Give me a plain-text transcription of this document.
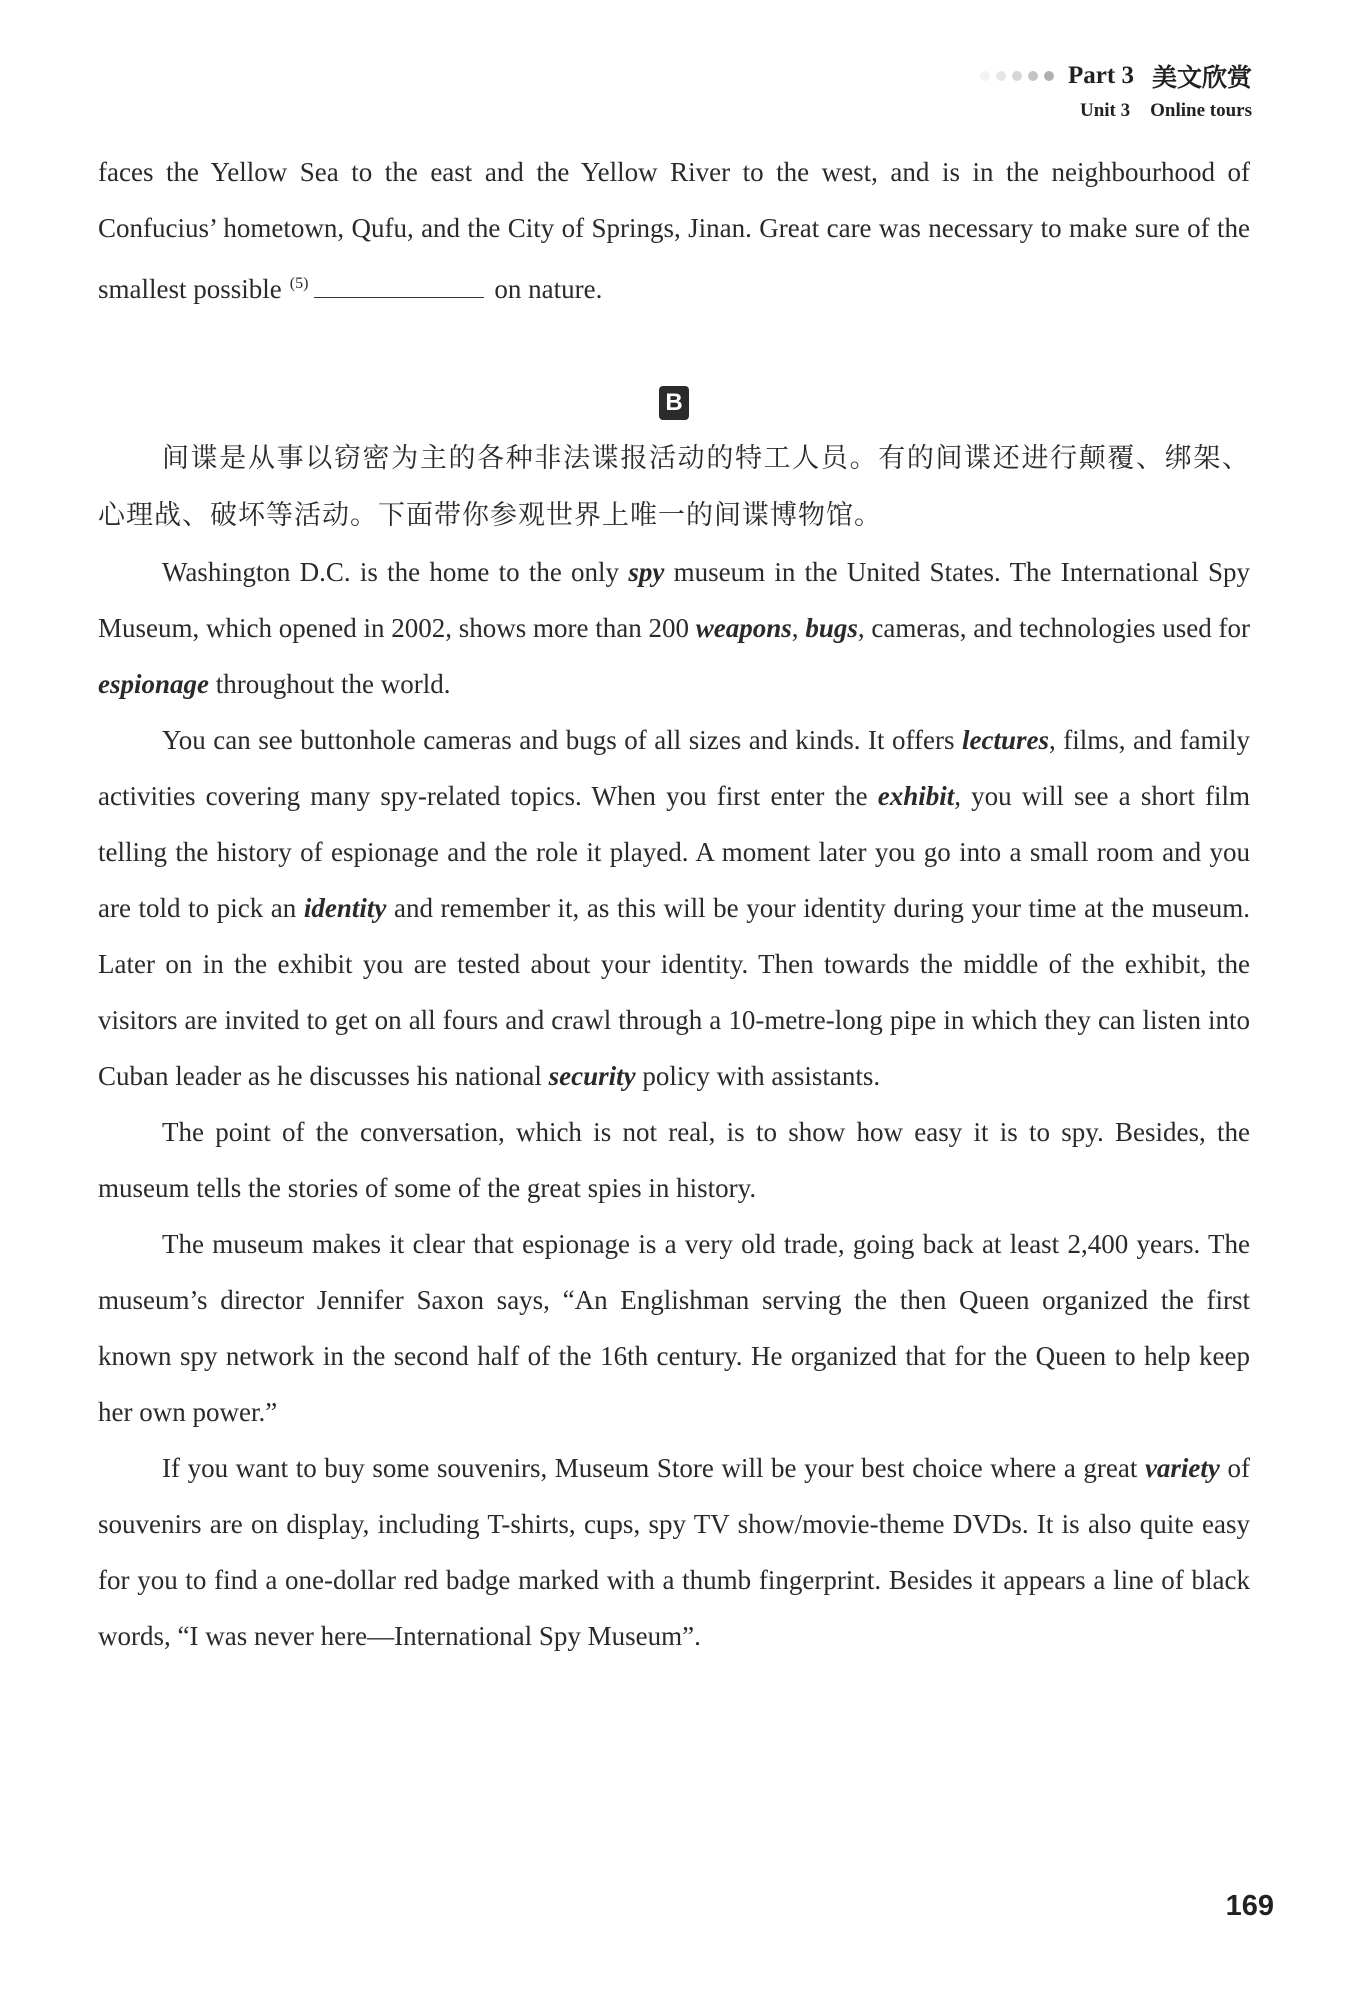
Part 3 美文欣赏
Unit 3 Online tours
faces the Yellow Sea to the east and the Yellow River to the west, and is in the neighbourhood of Confucius’ hometown, Qufu, and the City of Springs, Jinan. Great care was necessary to make sure of the smallest possible $^{(5)}$	on nature.
B
间谍是从事以窃密为主的各种非法谍报活动的特工人员。有的间谍还进行颠覆、绑架、心理战、破坏等活动。下面带你参观世界上唯一的间谍博物馆。

Washington D.C. is the home to the only spy museum in the United States. The International Spy Museum, which opened in 2002, shows more than 200 weapons, bugs, cameras, and technologies used for espionage throughout the world.

You can see buttonhole cameras and bugs of all sizes and kinds. It offers lectures, films, and family activities covering many spy-related topics. When you first enter the exhibit, you will see a short film telling the history of espionage and the role it played. A moment later you go into a small room and you are told to pick an identity and remember it, as this will be your identity during your time at the museum. Later on in the exhibit you are tested about your identity. Then towards the middle of the exhibit, the visitors are invited to get on all fours and crawl through a 10-metre-long pipe in which they can listen into Cuban leader as he discusses his national security policy with assistants.

The point of the conversation, which is not real, is to show how easy it is to spy. Besides, the museum tells the stories of some of the great spies in history.

The museum makes it clear that espionage is a very old trade, going back at least 2,400 years. The museum’s director Jennifer Saxon says, “An Englishman serving the then Queen organized the first known spy network in the second half of the 16th century. He organized that for the Queen to help keep her own power.”

If you want to buy some souvenirs, Museum Store will be your best choice where a great variety of souvenirs are on display, including T-shirts, cups, spy TV show/movie-theme DVDs. It is also quite easy for you to find a one-dollar red badge marked with a thumb fingerprint. Besides it appears a line of black words, “I was never here—International Spy Museum”.

169
